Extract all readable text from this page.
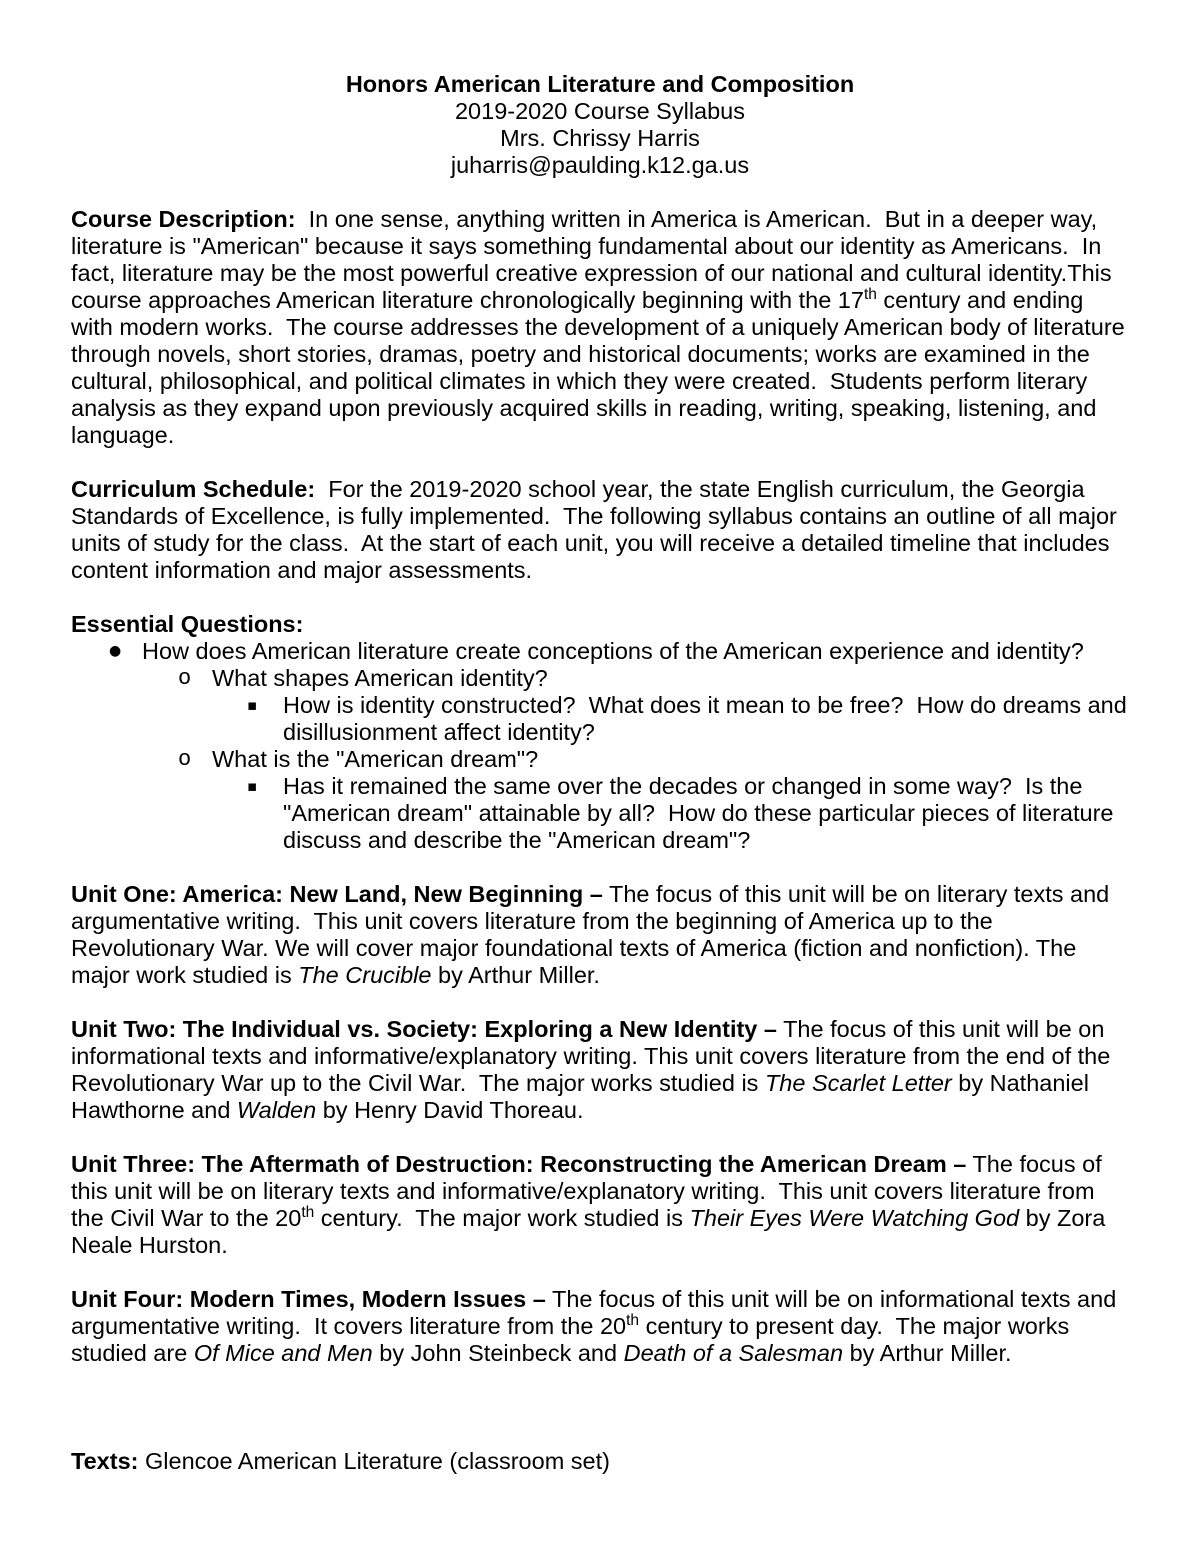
Honors American Literature and Composition
2019-2020 Course Syllabus
Mrs. Chrissy Harris
juharris@paulding.k12.ga.us
Course Description:  In one sense, anything written in America is American.  But in a deeper way, literature is "American" because it says something fundamental about our identity as Americans.  In fact, literature may be the most powerful creative expression of our national and cultural identity.This course approaches American literature chronologically beginning with the 17th century and ending with modern works.  The course addresses the development of a uniquely American body of literature through novels, short stories, dramas, poetry and historical documents; works are examined in the cultural, philosophical, and political climates in which they were created.  Students perform literary analysis as they expand upon previously acquired skills in reading, writing, speaking, listening, and language.
Curriculum Schedule:  For the 2019-2020 school year, the state English curriculum, the Georgia Standards of Excellence, is fully implemented.  The following syllabus contains an outline of all major units of study for the class.  At the start of each unit, you will receive a detailed timeline that includes content information and major assessments.
Essential Questions:
● How does American literature create conceptions of the American experience and identity?
o What shapes American identity?
▪ How is identity constructed?  What does it mean to be free?  How do dreams and disillusionment affect identity?
o What is the "American dream"?
▪ Has it remained the same over the decades or changed in some way?  Is the "American dream" attainable by all?  How do these particular pieces of literature discuss and describe the "American dream"?
Unit One: America: New Land, New Beginning – The focus of this unit will be on literary texts and argumentative writing.  This unit covers literature from the beginning of America up to the Revolutionary War. We will cover major foundational texts of America (fiction and nonfiction). The major work studied is The Crucible by Arthur Miller.
Unit Two: The Individual vs. Society: Exploring a New Identity – The focus of this unit will be on informational texts and informative/explanatory writing. This unit covers literature from the end of the Revolutionary War up to the Civil War.  The major works studied is The Scarlet Letter by Nathaniel Hawthorne and Walden by Henry David Thoreau.
Unit Three: The Aftermath of Destruction: Reconstructing the American Dream – The focus of this unit will be on literary texts and informative/explanatory writing.  This unit covers literature from the Civil War to the 20th century.  The major work studied is Their Eyes Were Watching God by Zora Neale Hurston.
Unit Four: Modern Times, Modern Issues – The focus of this unit will be on informational texts and argumentative writing.  It covers literature from the 20th century to present day.  The major works studied are Of Mice and Men by John Steinbeck and Death of a Salesman by Arthur Miller.
Texts: Glencoe American Literature (classroom set)
